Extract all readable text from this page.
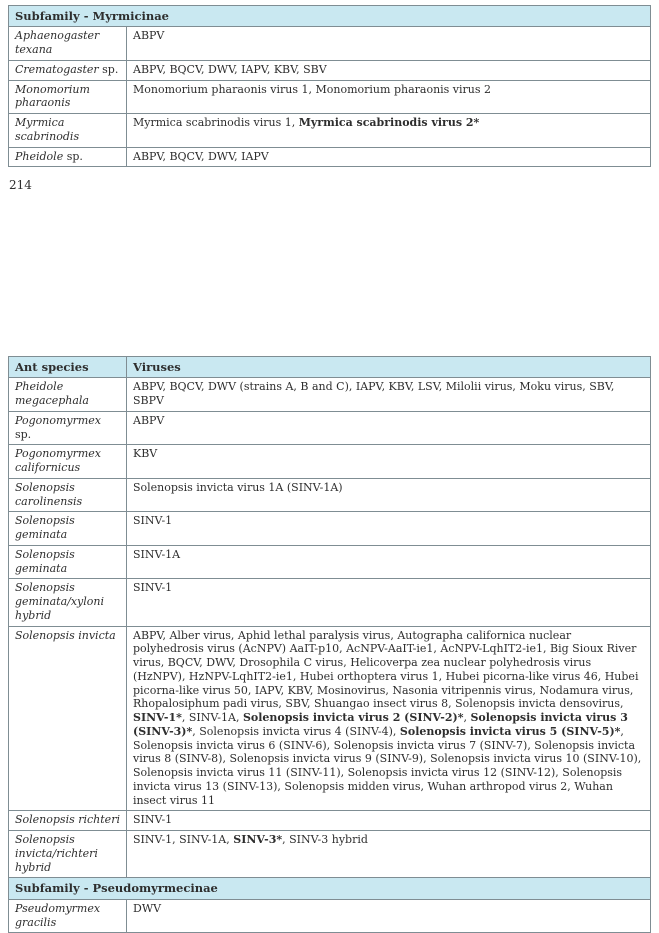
Subfamily - Myrmicinae	
Aphaenogaster texana	ABPV
Crematogaster sp.	ABPV, BQCV, DWV, IAPV, KBV, SBV
Monomorium pharaonis	Monomorium pharaonis virus 1, Monomorium pharaonis virus 2
Myrmica scabrinodis	Myrmica scabrinodis virus 1, Myrmica scabrinodis virus 2*
Pheidole sp.	ABPV, BQCV, DWV, IAPV
214
Ant species	Viruses
Pheidole megacephala	ABPV, BQCV, DWV (strains A, B and C), IAPV, KBV, LSV, Milolii virus, Moku virus, SBV, SBPV
Pogonomyrmex sp.	ABPV
Pogonomyrmex californicus	KBV
Solenopsis carolinensis	Solenopsis invicta virus 1A (SINV-1A)
Solenopsis geminata	SINV-1
Solenopsis geminata	SINV-1A
Solenopsis geminata/xyloni hybrid	SINV-1
Solenopsis invicta	ABPV, Alber virus, Aphid lethal paralysis virus, Autographa californica nuclear polyhedrosis virus (AcNPV) AaIT-p10, AcNPV-AaIT-ie1, AcNPV-LqhIT2-ie1, Big Sioux River virus, BQCV, DWV, Drosophila C virus, Helicoverpa zea nuclear polyhedrosis virus (HzNPV), HzNPV-LqhIT2-ie1, Hubei orthoptera virus 1, Hubei picorna-like virus 46, Hubei picorna-like virus 50, IAPV, KBV, Mosinovirus, Nasonia vitripennis virus, Nodamura virus, Rhopalosiphum padi virus, SBV, Shuangao insect virus 8, Solenopsis invicta densovirus, SINV-1*, SINV-1A, Solenopsis invicta virus 2 (SINV-2)*, Solenopsis invicta virus 3 (SINV-3)*, Solenopsis invicta virus 4 (SINV-4), Solenopsis invicta virus 5 (SINV-5)*, Solenopsis invicta virus 6 (SINV-6), Solenopsis invicta virus 7 (SINV-7), Solenopsis invicta virus 8 (SINV-8), Solenopsis invicta virus 9 (SINV-9), Solenopsis invicta virus 10 (SINV-10), Solenopsis invicta virus 11 (SINV-11), Solenopsis invicta virus 12 (SINV-12), Solenopsis invicta virus 13 (SINV-13), Solenopsis midden virus, Wuhan arthropod virus 2, Wuhan insect virus 11
Solenopsis richteri	SINV-1
Solenopsis invicta/richteri hybrid	SINV-1, SINV-1A, SINV-3*, SINV-3 hybrid
Subfamily - Pseudomyrmecinae	
Pseudomyrmex gracilis	DWV
